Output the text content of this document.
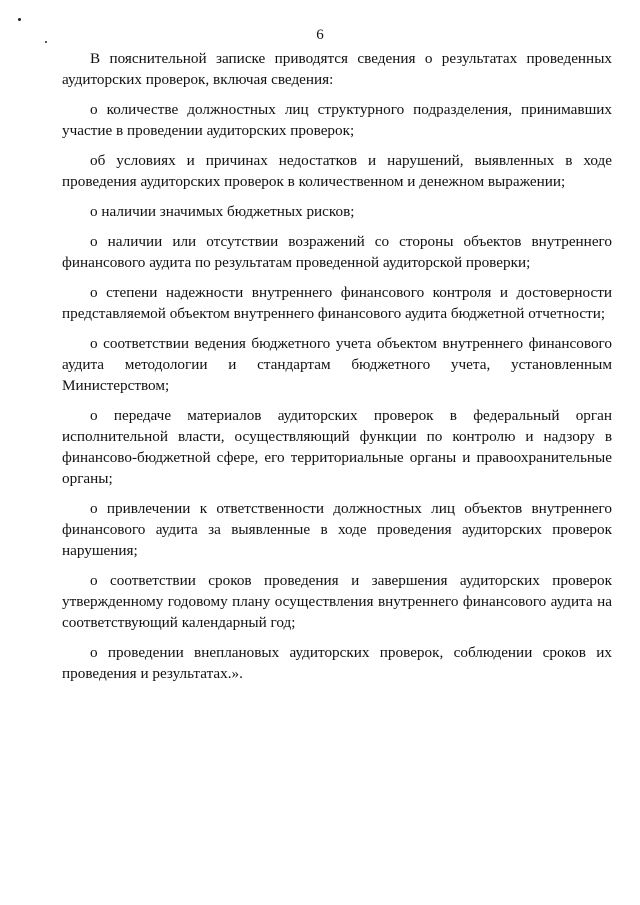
6

В пояснительной записке приводятся сведения о результатах проведенных аудиторских проверок, включая сведения:

о количестве должностных лиц структурного подразделения, принимавших участие в проведении аудиторских проверок;

об условиях и причинах недостатков и нарушений, выявленных в ходе проведения аудиторских проверок в количественном и денежном выражении;

о наличии значимых бюджетных рисков;

о наличии или отсутствии возражений со стороны объектов внутреннего финансового аудита по результатам проведенной аудиторской проверки;

о степени надежности внутреннего финансового контроля и достоверности представляемой объектом внутреннего финансового аудита бюджетной отчетности;

о соответствии ведения бюджетного учета объектом внутреннего финансового аудита методологии и стандартам бюджетного учета, установленным Министерством;

о передаче материалов аудиторских проверок в федеральный орган исполнительной власти, осуществляющий функции по контролю и надзору в финансово-бюджетной сфере, его территориальные органы и правоохранительные органы;

о привлечении к ответственности должностных лиц объектов внутреннего финансового аудита за выявленные в ходе проведения аудиторских проверок нарушения;

о соответствии сроков проведения и завершения аудиторских проверок утвержденному годовому плану осуществления внутреннего финансового аудита на соответствующий календарный год;

о проведении внеплановых аудиторских проверок, соблюдении сроков их проведения и результатах.».
